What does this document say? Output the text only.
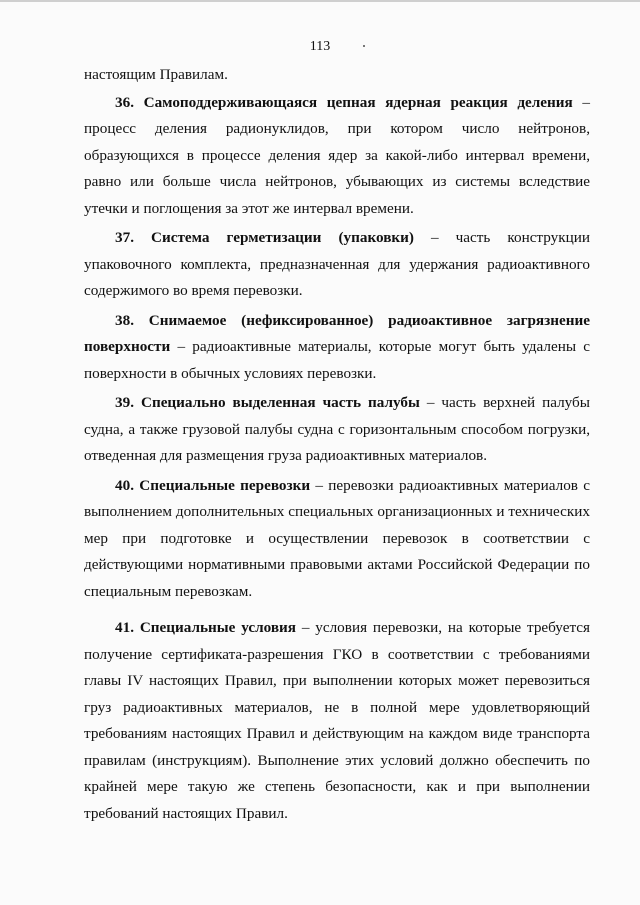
113

настоящим Правилам.

36. Самоподдерживающаяся цепная ядерная реакция деления – процесс деления радионуклидов, при котором число нейтронов, образующихся в процессе деления ядер за какой-либо интервал времени, равно или больше числа нейтронов, убывающих из системы вследствие утечки и поглощения за этот же интервал времени.

37. Система герметизации (упаковки) – часть конструкции упаковочного комплекта, предназначенная для удержания радиоактивного содержимого во время перевозки.

38. Снимаемое (нефиксированное) радиоактивное загрязнение поверхности – радиоактивные материалы, которые могут быть удалены с поверхности в обычных условиях перевозки.

39. Специально выделенная часть палубы – часть верхней палубы судна, а также грузовой палубы судна с горизонтальным способом погрузки, отведенная для размещения груза радиоактивных материалов.

40. Специальные перевозки – перевозки радиоактивных материалов с выполнением дополнительных специальных организационных и технических мер при подготовке и осуществлении перевозок в соответствии с действующими нормативными правовыми актами Российской Федерации по специальным перевозкам.

41. Специальные условия – условия перевозки, на которые требуется получение сертификата-разрешения ГКО в соответствии с требованиями главы IV настоящих Правил, при выполнении которых может перевозиться груз радиоактивных материалов, не в полной мере удовлетворяющий требованиям настоящих Правил и действующим на каждом виде транспорта правилам (инструкциям). Выполнение этих условий должно обеспечить по крайней мере такую же степень безопасности, как и при выполнении требований настоящих Правил.
